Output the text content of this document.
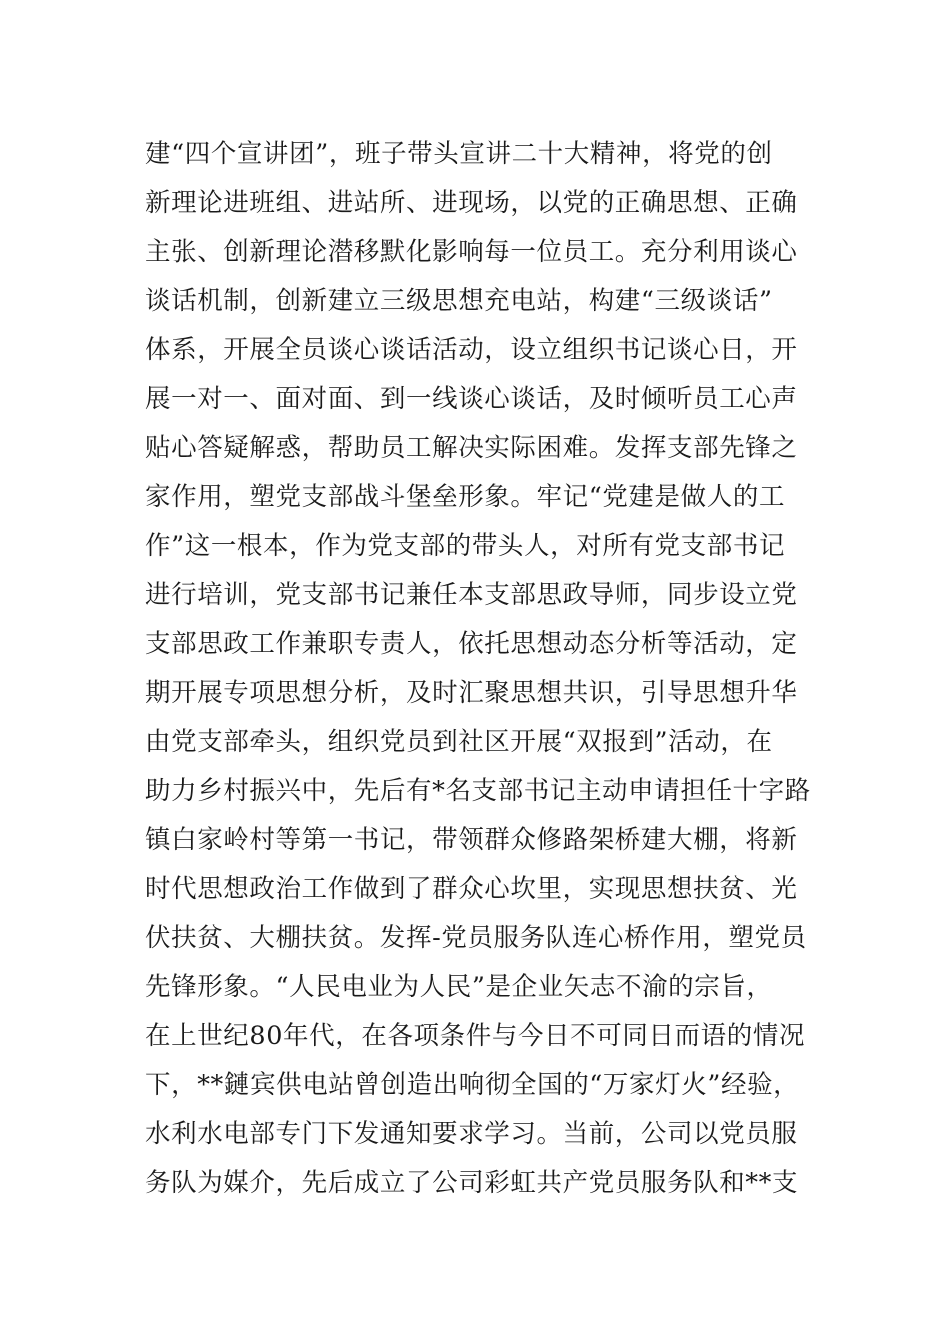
建“四个宣讲团”，班子带头宣讲二十大精神，将党的创
新理论进班组、进站所、进现场，以党的正确思想、正确
主张、创新理论潜移默化影响每一位员工。充分利用谈心
谈话机制，创新建立三级思想充电站，构建“三级谈话”
体系，开展全员谈心谈话活动，设立组织书记谈心日，开
展一对一、面对面、到一线谈心谈话，及时倾听员工心声
贴心答疑解惑，帮助员工解决实际困难。发挥支部先锋之
家作用，塑党支部战斗堡垒形象。牢记“党建是做人的工
作”这一根本，作为党支部的带头人，对所有党支部书记
进行培训，党支部书记兼任本支部思政导师，同步设立党
支部思政工作兼职专责人，依托思想动态分析等活动，定
期开展专项思想分析，及时汇聚思想共识，引导思想升华
由党支部牵头，组织党员到社区开展“双报到”活动，在
助力乡村振兴中，先后有*名支部书记主动申请担任十字路
镇白家岭村等第一书记，带领群众修路架桥建大棚，将新
时代思想政治工作做到了群众心坎里，实现思想扶贫、光
伏扶贫、大棚扶贫。发挥-党员服务队连心桥作用，塑党员
先锋形象。“人民电业为人民”是企业矢志不渝的宗旨，
在上世纪80年代，在各项条件与今日不可同日而语的情况
下，**鏈宾供电站曾创造出响彻全国的“万家灯火”经验，
水利水电部专门下发通知要求学习。当前，公司以党员服
务队为媒介，先后成立了公司彩虹共产党员服务队和**支
